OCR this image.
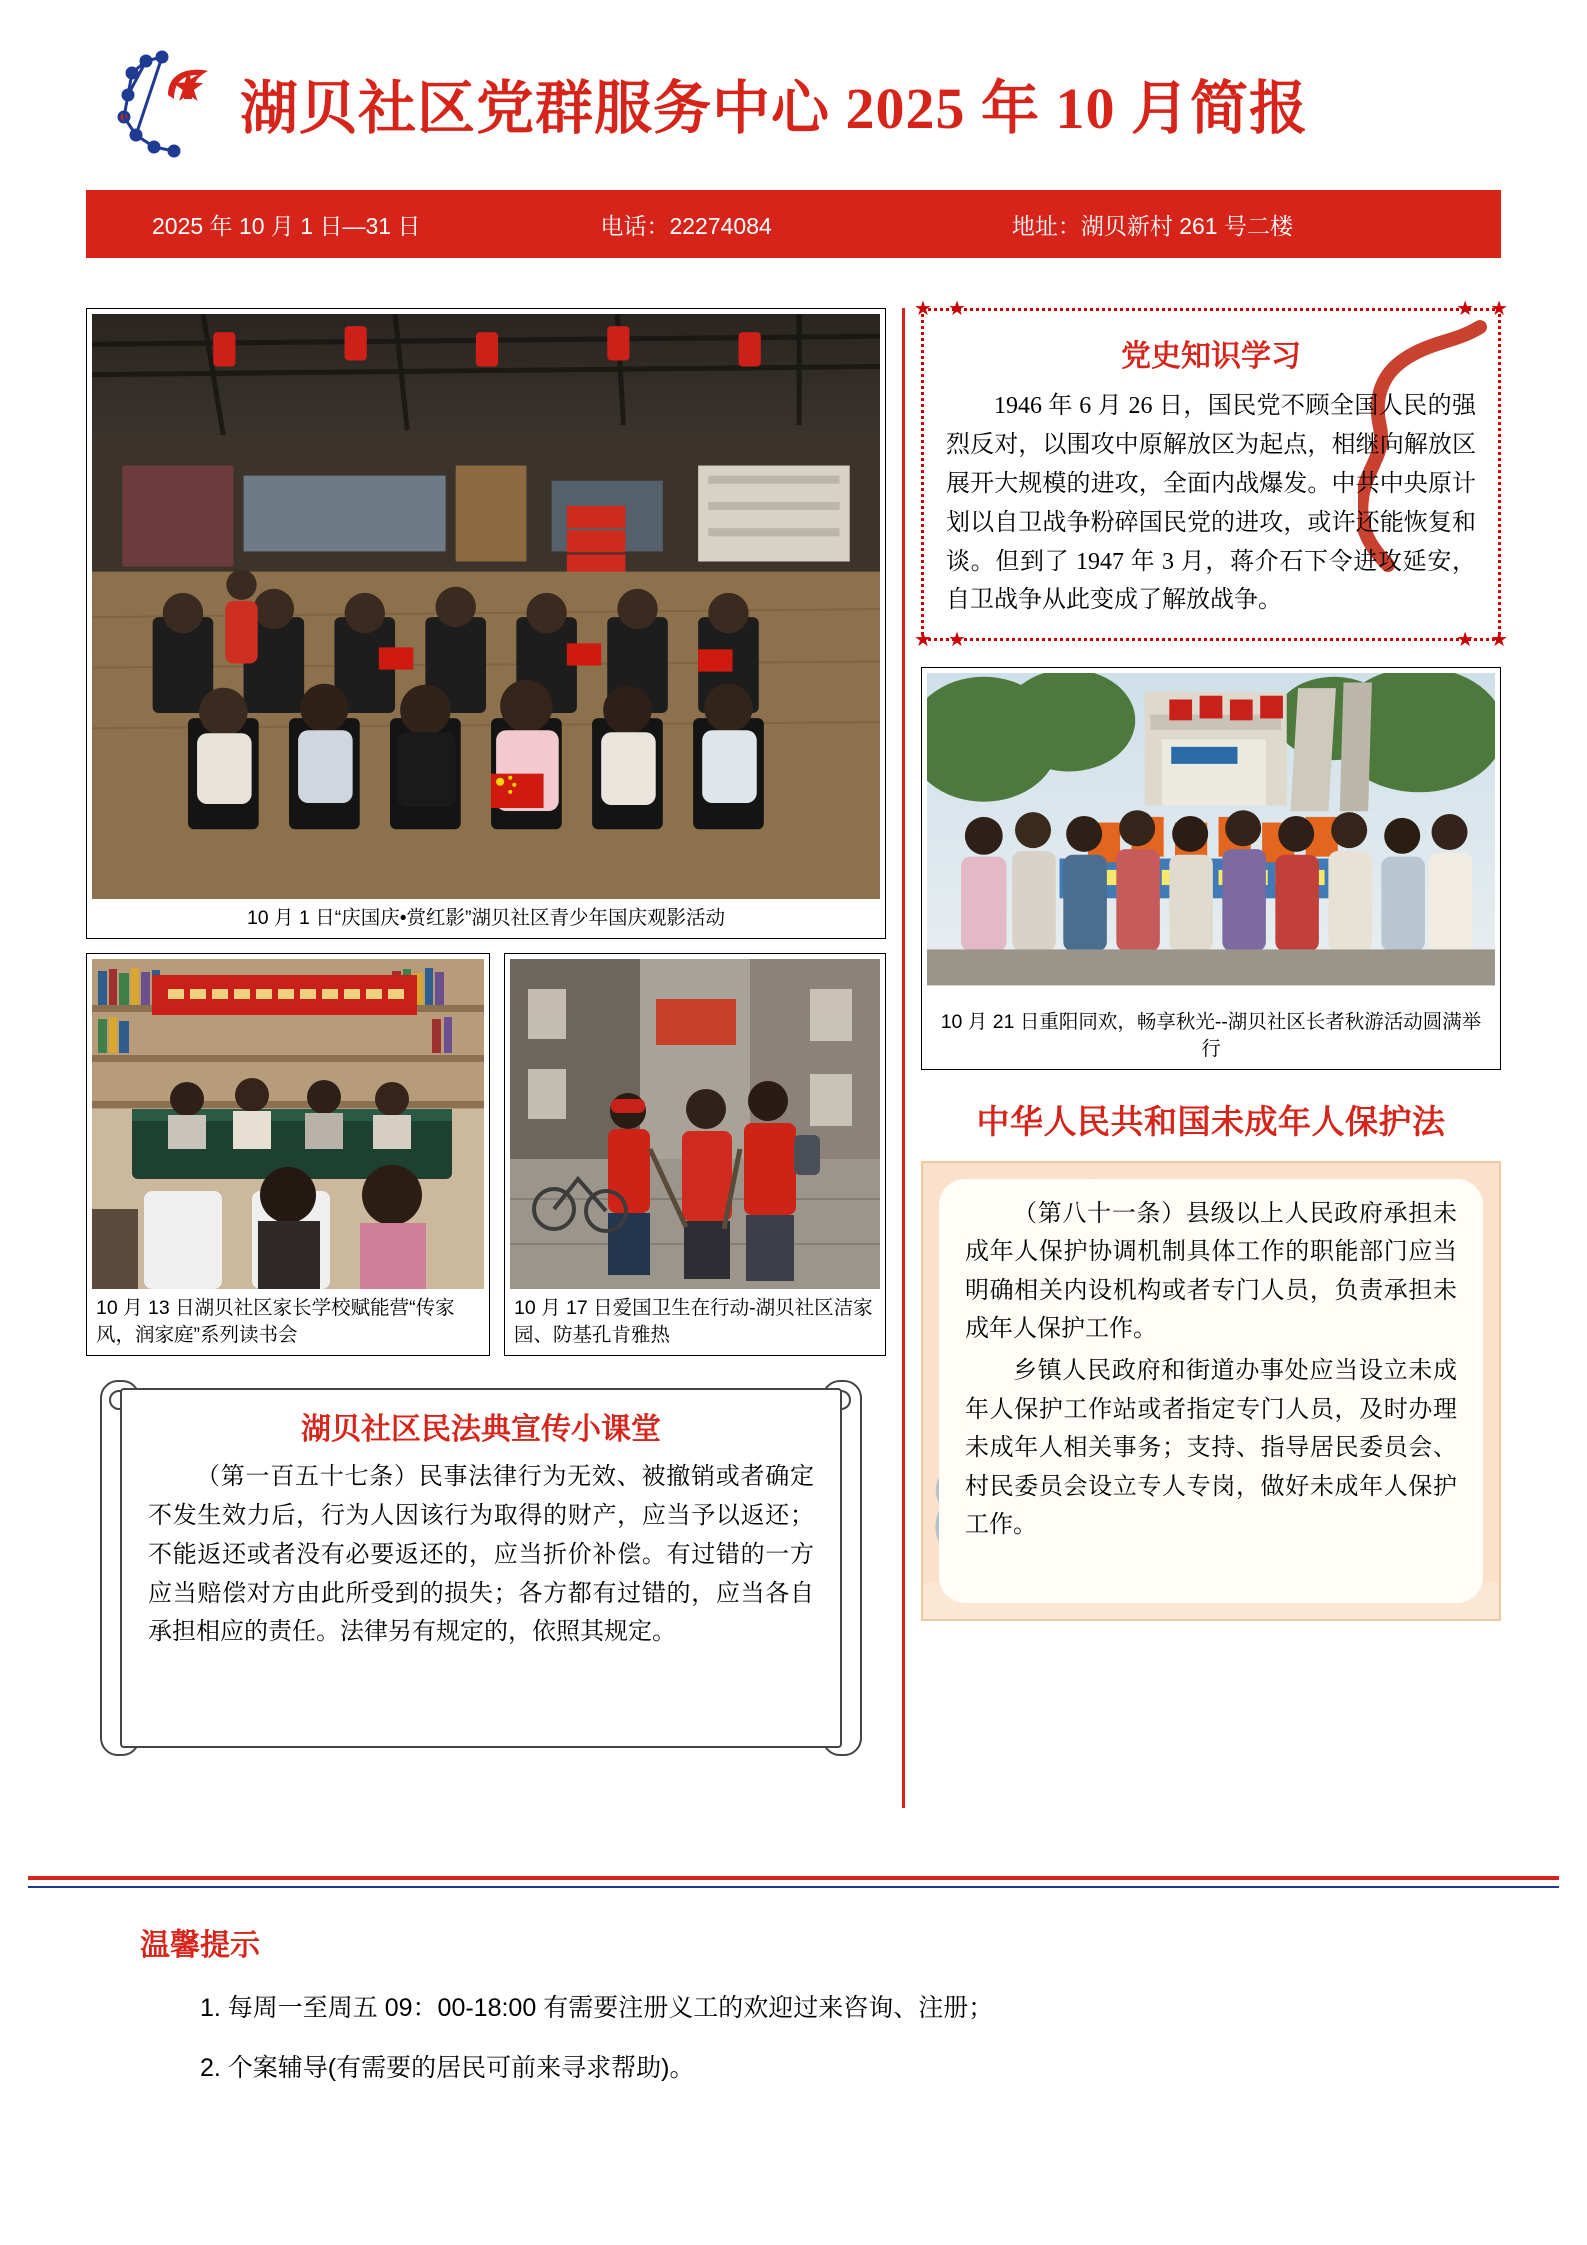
湖贝社区党群服务中心 2025 年 10 月简报
2025 年 10 月 1 日—31 日	电话：22274084	地址：湖贝新村 261 号二楼
10 月 1 日“庆国庆•赏红影”湖贝社区青少年国庆观影活动
10 月 13 日湖贝社区家长学校赋能营“传家风，润家庭”系列读书会
10 月 17 日爱国卫生在行动-湖贝社区洁家园、防基孔肯雅热
湖贝社区民法典宣传小课堂
（第一百五十七条）民事法律行为无效、被撤销或者确定不发生效力后，行为人因该行为取得的财产，应当予以返还；不能返还或者没有必要返还的，应当折价补偿。有过错的一方应当赔偿对方由此所受到的损失；各方都有过错的，应当各自承担相应的责任。法律另有规定的，依照其规定。
★ ★	★ ★
★ ★	★ ★
党史知识学习
1946 年 6 月 26 日，国民党不顾全国人民的强烈反对，以围攻中原解放区为起点，相继向解放区展开大规模的进攻，全面内战爆发。中共中央原计划以自卫战争粉碎国民党的进攻，或许还能恢复和谈。但到了 1947 年 3 月，蒋介石下令进攻延安，自卫战争从此变成了解放战争。
10 月 21 日重阳同欢，畅享秋光--湖贝社区长者秋游活动圆满举行
中华人民共和国未成年人保护法
（第八十一条）县级以上人民政府承担未成年人保护协调机制具体工作的职能部门应当明确相关内设机构或者专门人员，负责承担未成年人保护工作。
乡镇人民政府和街道办事处应当设立未成年人保护工作站或者指定专门人员，及时办理未成年人相关事务；支持、指导居民委员会、村民委员会设立专人专岗，做好未成年人保护工作。
温馨提示
1. 每周一至周五 09：00-18:00 有需要注册义工的欢迎过来咨询、注册；
2. 个案辅导(有需要的居民可前来寻求帮助)。
